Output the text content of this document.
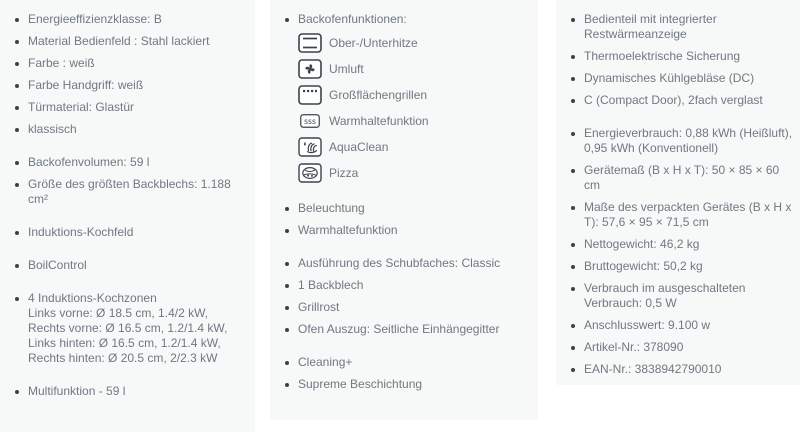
Energieeffizienzklasse: B
Material Bedienfeld : Stahl lackiert
Farbe : weiß
Farbe Handgriff: weiß
Türmaterial: Glastür
klassisch
Backofenvolumen: 59 l
Größe des größten Backblechs: 1.188 cm²
Induktions-Kochfeld
BoilControl
4 Induktions-Kochzonen
Links vorne: Ø 18.5 cm, 1.4/2 kW,
Rechts vorne: Ø 16.5 cm, 1.2/1.4 kW,
Links hinten: Ø 16.5 cm, 1.2/1.4 kW,
Rechts hinten: Ø 20.5 cm, 2/2.3 kW
Multifunktion - 59 l
Backofenfunktionen:
Ober-/Unterhitze
Umluft
Großflächengrillen
sss Warmhaltefunktion
AquaClean
Pizza
Beleuchtung
Warmhaltefunktion
Ausführung des Schubfaches: Classic
1 Backblech
Grillrost
Ofen Auszug: Seitliche Einhängegitter
Cleaning+
Supreme Beschichtung
Bedienteil mit integrierter Restwärmeanzeige
Thermoelektrische Sicherung
Dynamisches Kühlgebläse (DC)
C (Compact Door), 2fach verglast
Energieverbrauch: 0,88 kWh (Heißluft), 0,95 kWh (Konventionell)
Gerätemaß (B x H x T): 50 × 85 × 60 cm
Maße des verpackten Gerätes (B x H x T): 57,6 × 95 × 71,5 cm
Nettogewicht: 46,2 kg
Bruttogewicht: 50,2 kg
Verbrauch im ausgeschalteten Verbrauch: 0,5 W
Anschlusswert: 9.100 w
Artikel-Nr.: 378090
EAN-Nr.: 3838942790010
